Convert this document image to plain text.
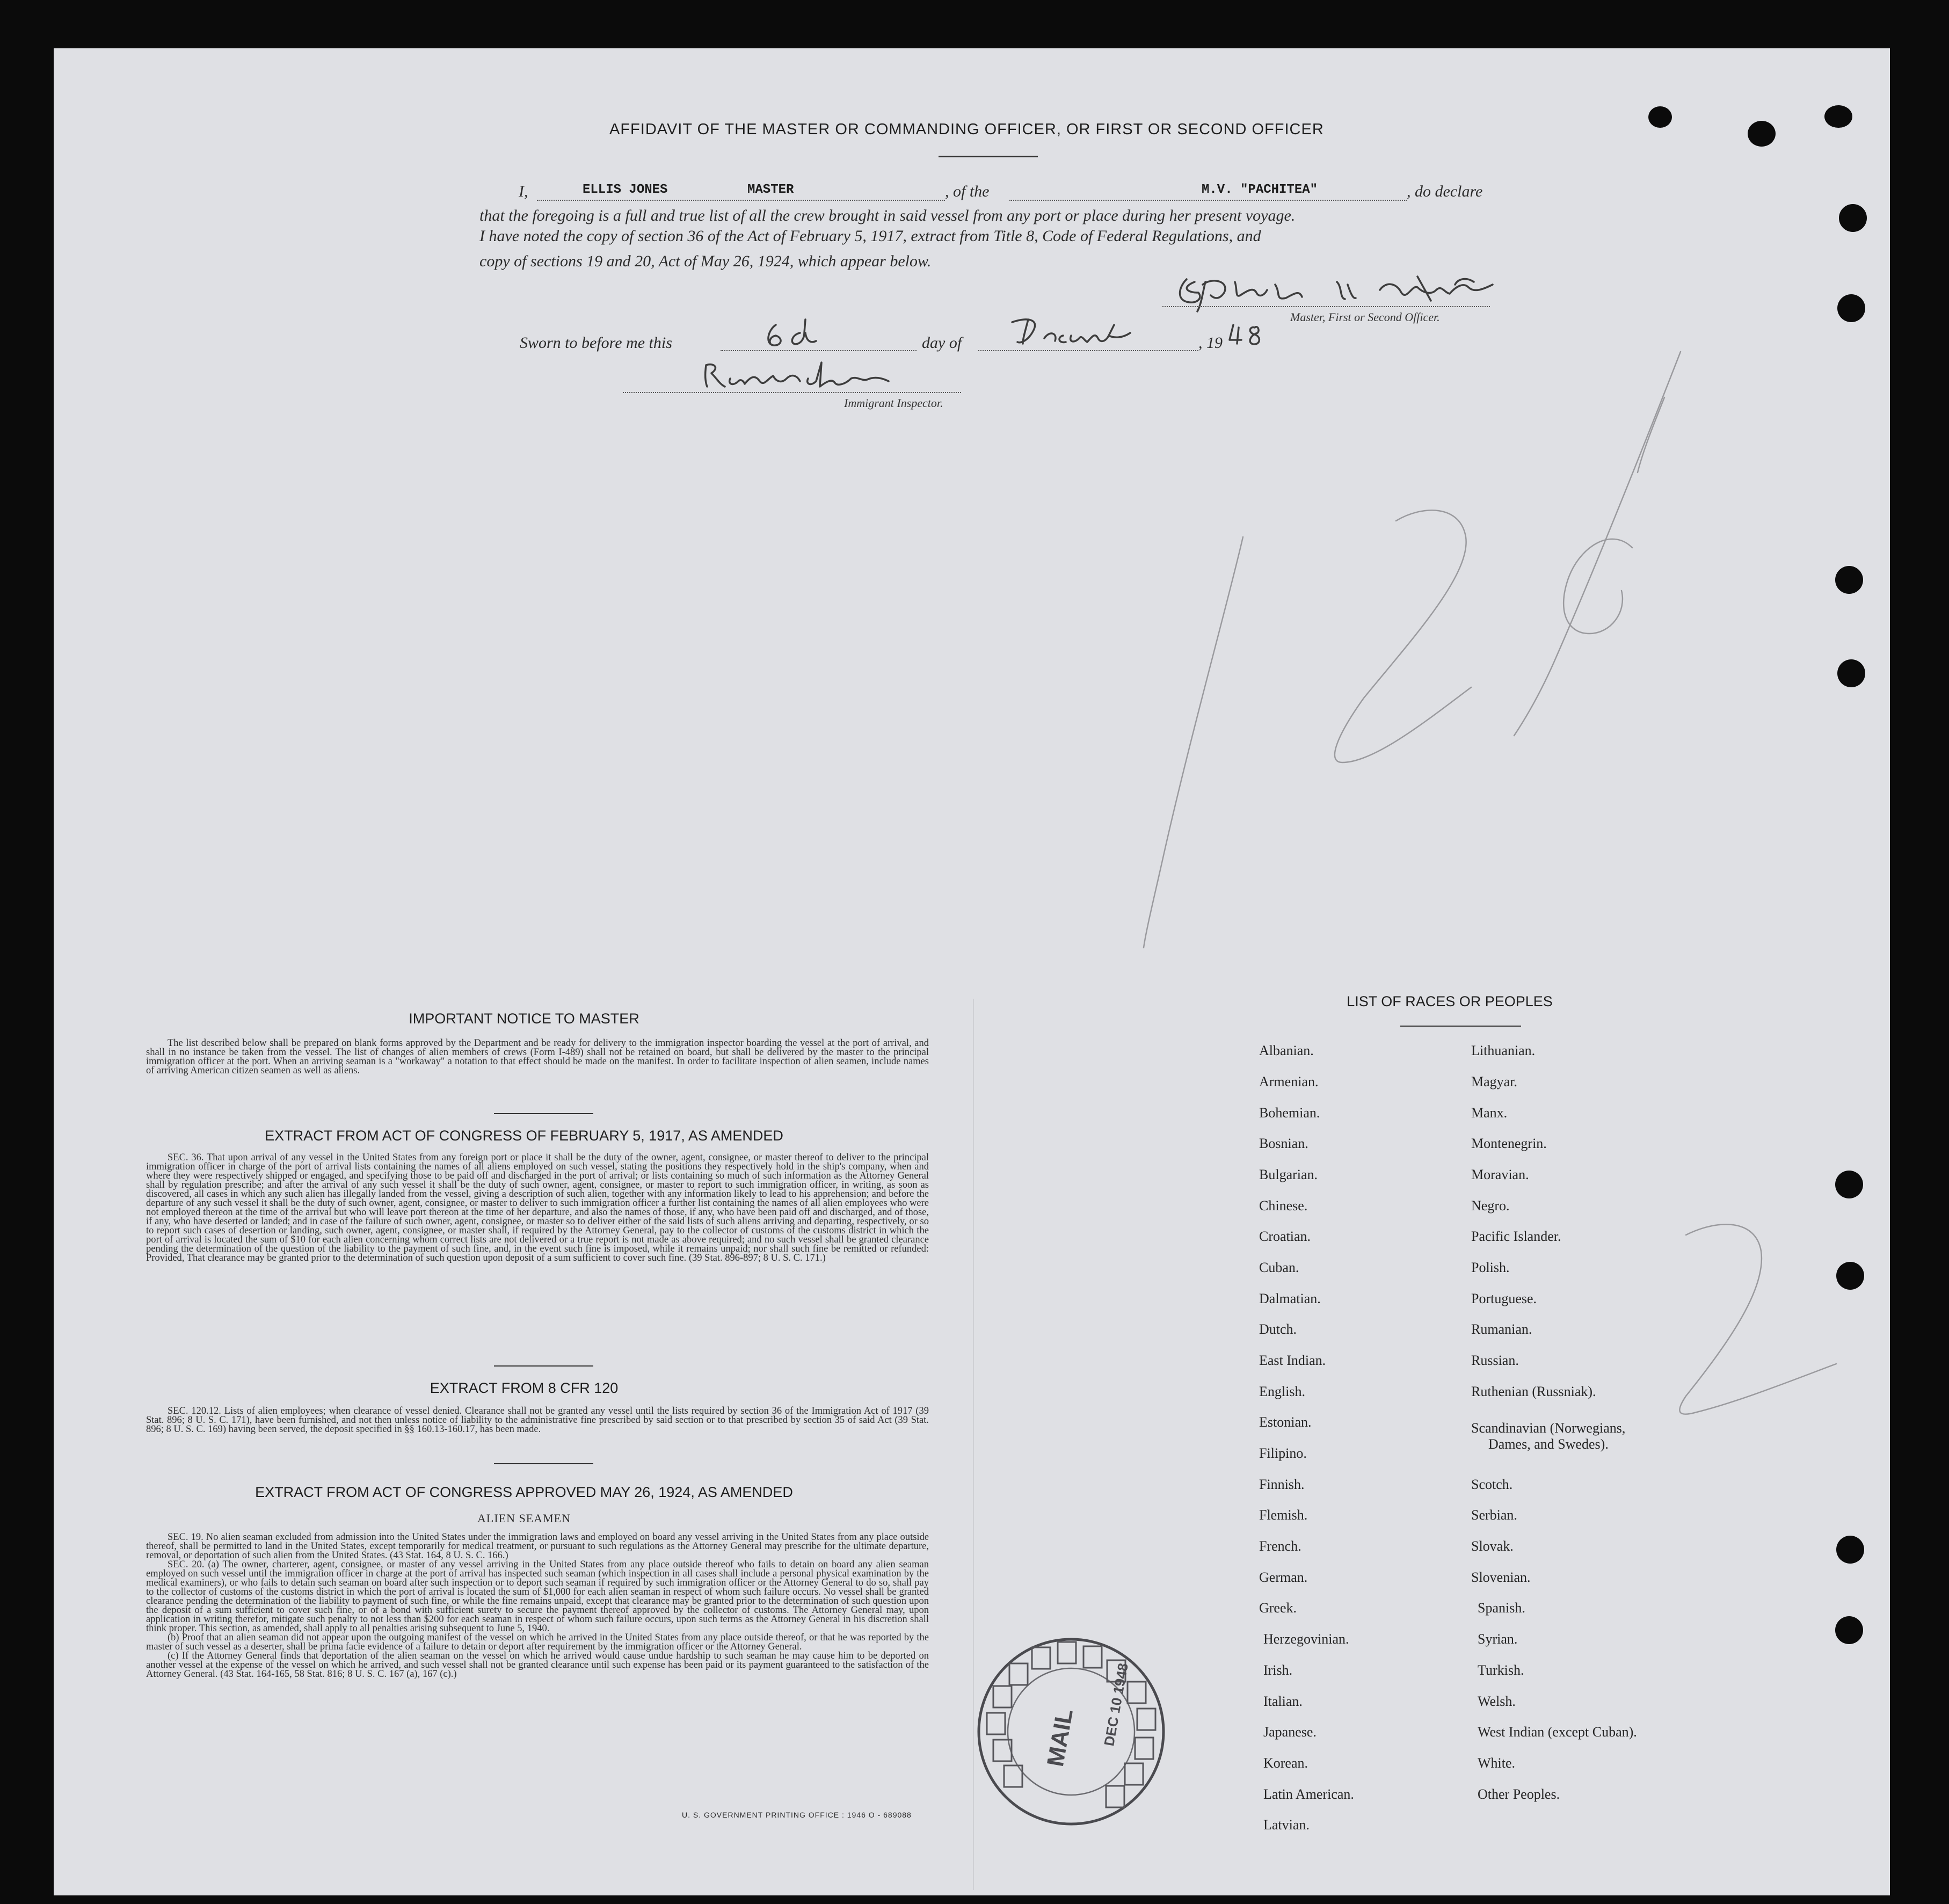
AFFIDAVIT OF THE MASTER OR COMMANDING OFFICER, OR FIRST OR SECOND OFFICER
I,	ELLIS JONES	MASTER	, of the	M.V. "PACHITEA"	, do declare
that the foregoing is a full and true list of all the crew brought in said vessel from any port or place during her present voyage.
I have noted the copy of section 36 of the Act of February 5, 1917, extract from Title 8, Code of Federal Regulations, and
copy of sections 19 and 20, Act of May 26, 1924, which appear below.
Master, First or Second Officer.
Sworn to before me this	day of	, 19
Immigrant Inspector.
IMPORTANT NOTICE TO MASTER

The list described below shall be prepared on blank forms approved by the Department and be ready for delivery to the immigration inspector boarding the vessel at the port of arrival, and shall in no instance be taken from the vessel. The list of changes of alien members of crews (Form I-489) shall not be retained on board, but shall be delivered by the master to the principal immigration officer at the port. When an arriving seaman is a "workaway" a notation to that effect should be made on the manifest. In order to facilitate inspection of alien seamen, include names of arriving American citizen seamen as well as aliens.

EXTRACT FROM ACT OF CONGRESS OF FEBRUARY 5, 1917, AS AMENDED

SEC. 36. That upon arrival of any vessel in the United States from any foreign port or place it shall be the duty of the owner, agent, consignee, or master thereof to deliver to the principal immigration officer in charge of the port of arrival lists containing the names of all aliens employed on such vessel, stating the positions they respectively hold in the ship's company, when and where they were respectively shipped or engaged, and specifying those to be paid off and discharged in the port of arrival; or lists containing so much of such information as the Attorney General shall by regulation prescribe; and after the arrival of any such vessel it shall be the duty of such owner, agent, consignee, or master to report to such immigration officer, in writing, as soon as discovered, all cases in which any such alien has illegally landed from the vessel, giving a description of such alien, together with any information likely to lead to his apprehension; and before the departure of any such vessel it shall be the duty of such owner, agent, consignee, or master to deliver to such immigration officer a further list containing the names of all alien employees who were not employed thereon at the time of the arrival but who will leave port thereon at the time of her departure, and also the names of those, if any, who have been paid off and discharged, and of those, if any, who have deserted or landed; and in case of the failure of such owner, agent, consignee, or master so to deliver either of the said lists of such aliens arriving and departing, respectively, or so to report such cases of desertion or landing, such owner, agent, consignee, or master shall, if required by the Attorney General, pay to the collector of customs of the customs district in which the port of arrival is located the sum of $10 for each alien concerning whom correct lists are not delivered or a true report is not made as above required; and no such vessel shall be granted clearance pending the determination of the question of the liability to the payment of such fine, and, in the event such fine is imposed, while it remains unpaid; nor shall such fine be remitted or refunded: Provided, That clearance may be granted prior to the determination of such question upon deposit of a sum sufficient to cover such fine. (39 Stat. 896-897; 8 U. S. C. 171.)

EXTRACT FROM 8 CFR 120

SEC. 120.12. Lists of alien employees; when clearance of vessel denied. Clearance shall not be granted any vessel until the lists required by section 36 of the Immigration Act of 1917 (39 Stat. 896; 8 U. S. C. 171), have been furnished, and not then unless notice of liability to the administrative fine prescribed by said section or to that prescribed by section 35 of said Act (39 Stat. 896; 8 U. S. C. 169) having been served, the deposit specified in §§ 160.13-160.17, has been made.

EXTRACT FROM ACT OF CONGRESS APPROVED MAY 26, 1924, AS AMENDED
ALIEN SEAMEN

SEC. 19. No alien seaman excluded from admission into the United States under the immigration laws and employed on board any vessel arriving in the United States from any place outside thereof, shall be permitted to land in the United States, except temporarily for medical treatment, or pursuant to such regulations as the Attorney General may prescribe for the ultimate departure, removal, or deportation of such alien from the United States. (43 Stat. 164, 8 U. S. C. 166.)

SEC. 20. (a) The owner, charterer, agent, consignee, or master of any vessel arriving in the United States from any place outside thereof who fails to detain on board any alien seaman employed on such vessel until the immigration officer in charge at the port of arrival has inspected such seaman (which inspection in all cases shall include a personal physical examination by the medical examiners), or who fails to detain such seaman on board after such inspection or to deport such seaman if required by such immigration officer or the Attorney General to do so, shall pay to the collector of customs of the customs district in which the port of arrival is located the sum of $1,000 for each alien seaman in respect of whom such failure occurs. No vessel shall be granted clearance pending the determination of the liability to payment of such fine, or while the fine remains unpaid, except that clearance may be granted prior to the determination of such question upon the deposit of a sum sufficient to cover such fine, or of a bond with sufficient surety to secure the payment thereof approved by the collector of customs. The Attorney General may, upon application in writing therefor, mitigate such penalty to not less than $200 for each seaman in respect of whom such failure occurs, upon such terms as the Attorney General in his discretion shall think proper. This section, as amended, shall apply to all penalties arising subsequent to June 5, 1940.

(b) Proof that an alien seaman did not appear upon the outgoing manifest of the vessel on which he arrived in the United States from any place outside thereof, or that he was reported by the master of such vessel as a deserter, shall be prima facie evidence of a failure to detain or deport after requirement by the immigration officer or the Attorney General.

(c) If the Attorney General finds that deportation of the alien seaman on the vessel on which he arrived would cause undue hardship to such seaman he may cause him to be deported on another vessel at the expense of the vessel on which he arrived, and such vessel shall not be granted clearance until such expense has been paid or its payment guaranteed to the satisfaction of the Attorney General. (43 Stat. 164-165, 58 Stat. 816; 8 U. S. C. 167 (a), 167 (c).)

U. S. GOVERNMENT PRINTING OFFICE : 1946 O - 689088
MAIL DEC 10 1948
LIST OF RACES OR PEOPLES
Albanian.
Armenian.
Bohemian.
Bosnian.
Bulgarian.
Chinese.
Croatian.
Cuban.
Dalmatian.
Dutch.
East Indian.
English.
Estonian.
Filipino.
Finnish.
Flemish.
French.
German.
Greek.
Herzegovinian.
Irish.
Italian.
Japanese.
Korean.
Latin American.
Latvian.
Lithuanian.
Magyar.
Manx.
Montenegrin.
Moravian.
Negro.
Pacific Islander.
Polish.
Portuguese.
Rumanian.
Russian.
Ruthenian (Russniak).
Scandinavian (Norwegians,
Dames, and Swedes).
Scotch.
Serbian.
Slovak.
Slovenian.
Spanish.
Syrian.
Turkish.
Welsh.
West Indian (except Cuban).
White.
Other Peoples.
